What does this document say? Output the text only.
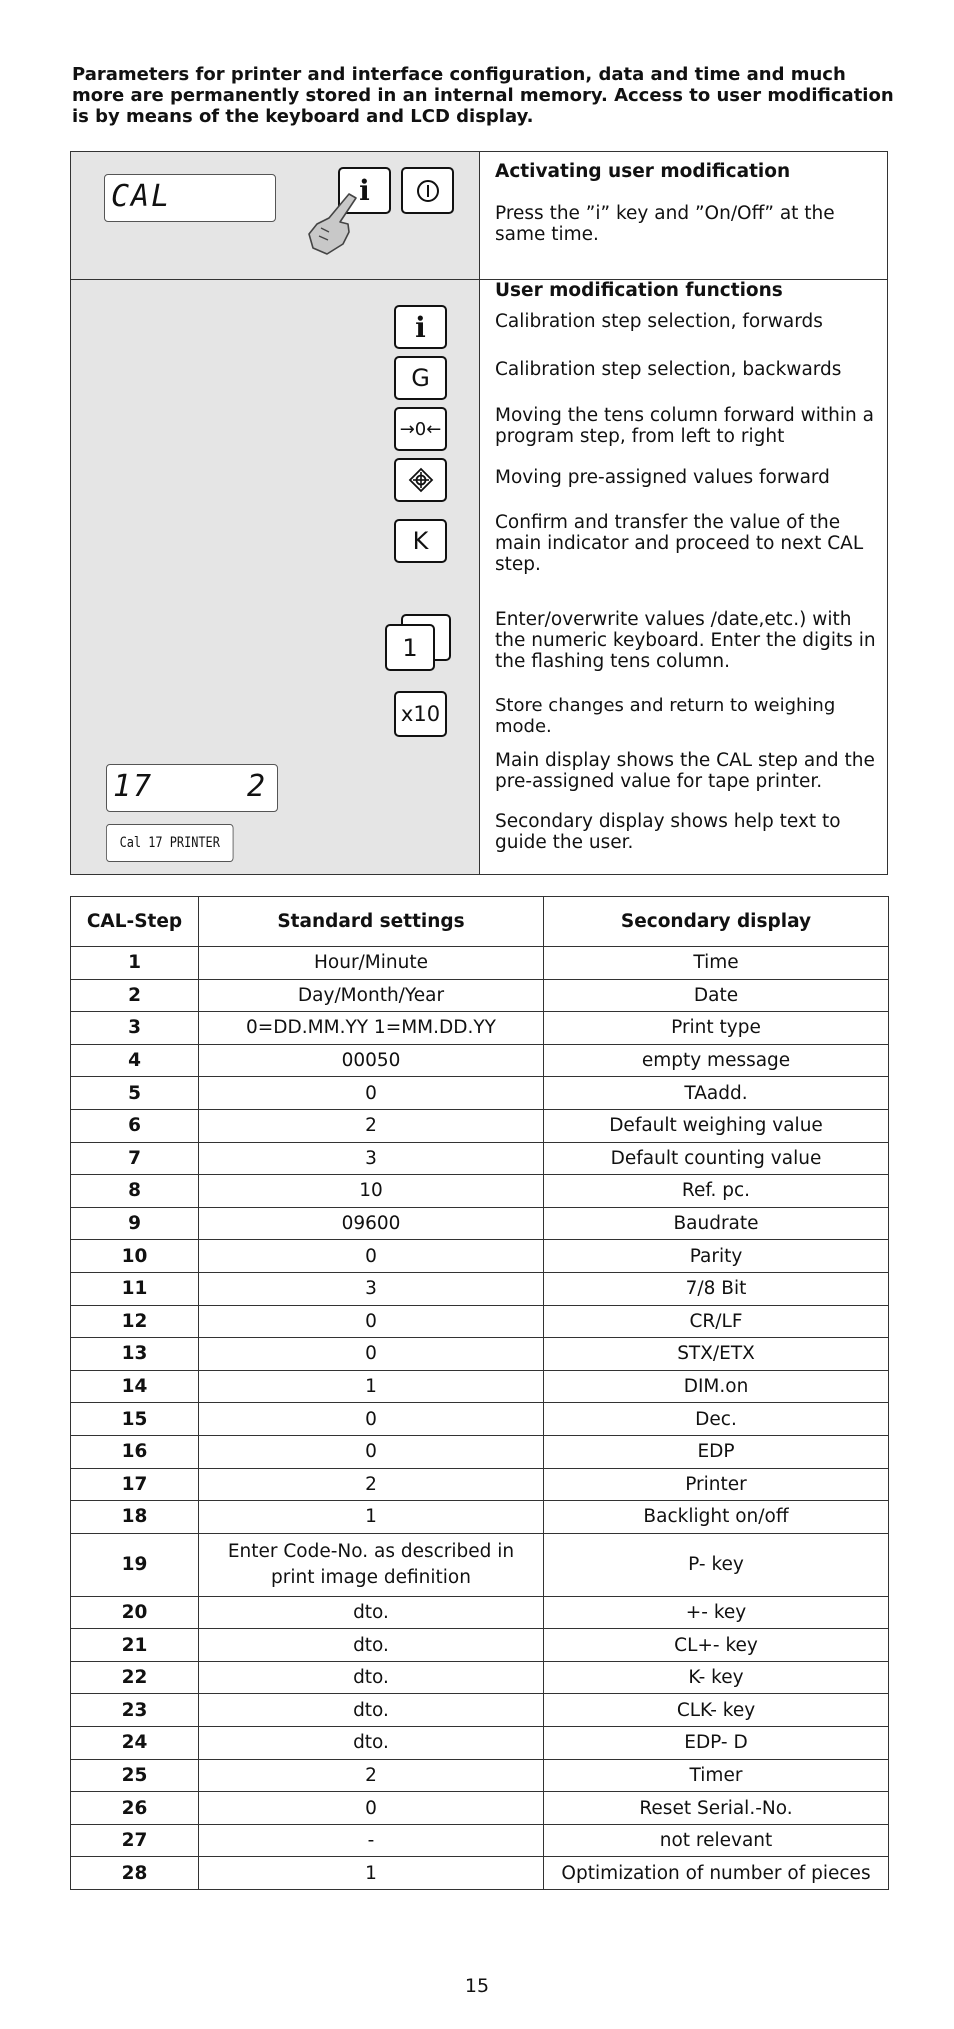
Parameters for printer and interface configuration, data and time and much more are permanently stored in an internal memory. Access to user modification is by means of the keyboard and LCD display.
CAL	i
Activating user modification
Press the ”i” key and ”On/Off” at the same time.
User modification functions
i	Calibration step selection, forwards
G	Calibration step selection, backwards
→0←
Moving the tens column forward within a program step, from left to right
Moving pre-assigned values forward
K
Confirm and transfer the value of the main indicator and proceed to next CAL step.
1
Enter/overwrite values /date,etc.) with the numeric keyboard. Enter the digits in the flashing tens column.
x10	Store changes and return to weighing mode.
17	2
Cal 17 PRINTER
Main display shows the CAL step and the pre-assigned value for tape printer.
Secondary display shows help text to guide the user.
CAL-Step	Standard settings	Secondary display
1	Hour/Minute	Time
2	Day/Month/Year	Date
3	0=DD.MM.YY 1=MM.DD.YY	Print type
4	00050	empty message
5	0	TAadd.
6	2	Default weighing value
7	3	Default counting value
8	10	Ref. pc.
9	09600	Baudrate
10	0	Parity
11	3	7/8 Bit
12	0	CR/LF
13	0	STX/ETX
14	1	DIM.on
15	0	Dec.
16	0	EDP
17	2	Printer
18	1	Backlight on/off
19	Enter Code-No. as described in print image definition	P- key
20	dto.	+- key
21	dto.	CL+- key
22	dto.	K- key
23	dto.	CLK- key
24	dto.	EDP- D
25	2	Timer
26	0	Reset Serial.-No.
27	-	not relevant
28	1	Optimization of number of pieces
15
